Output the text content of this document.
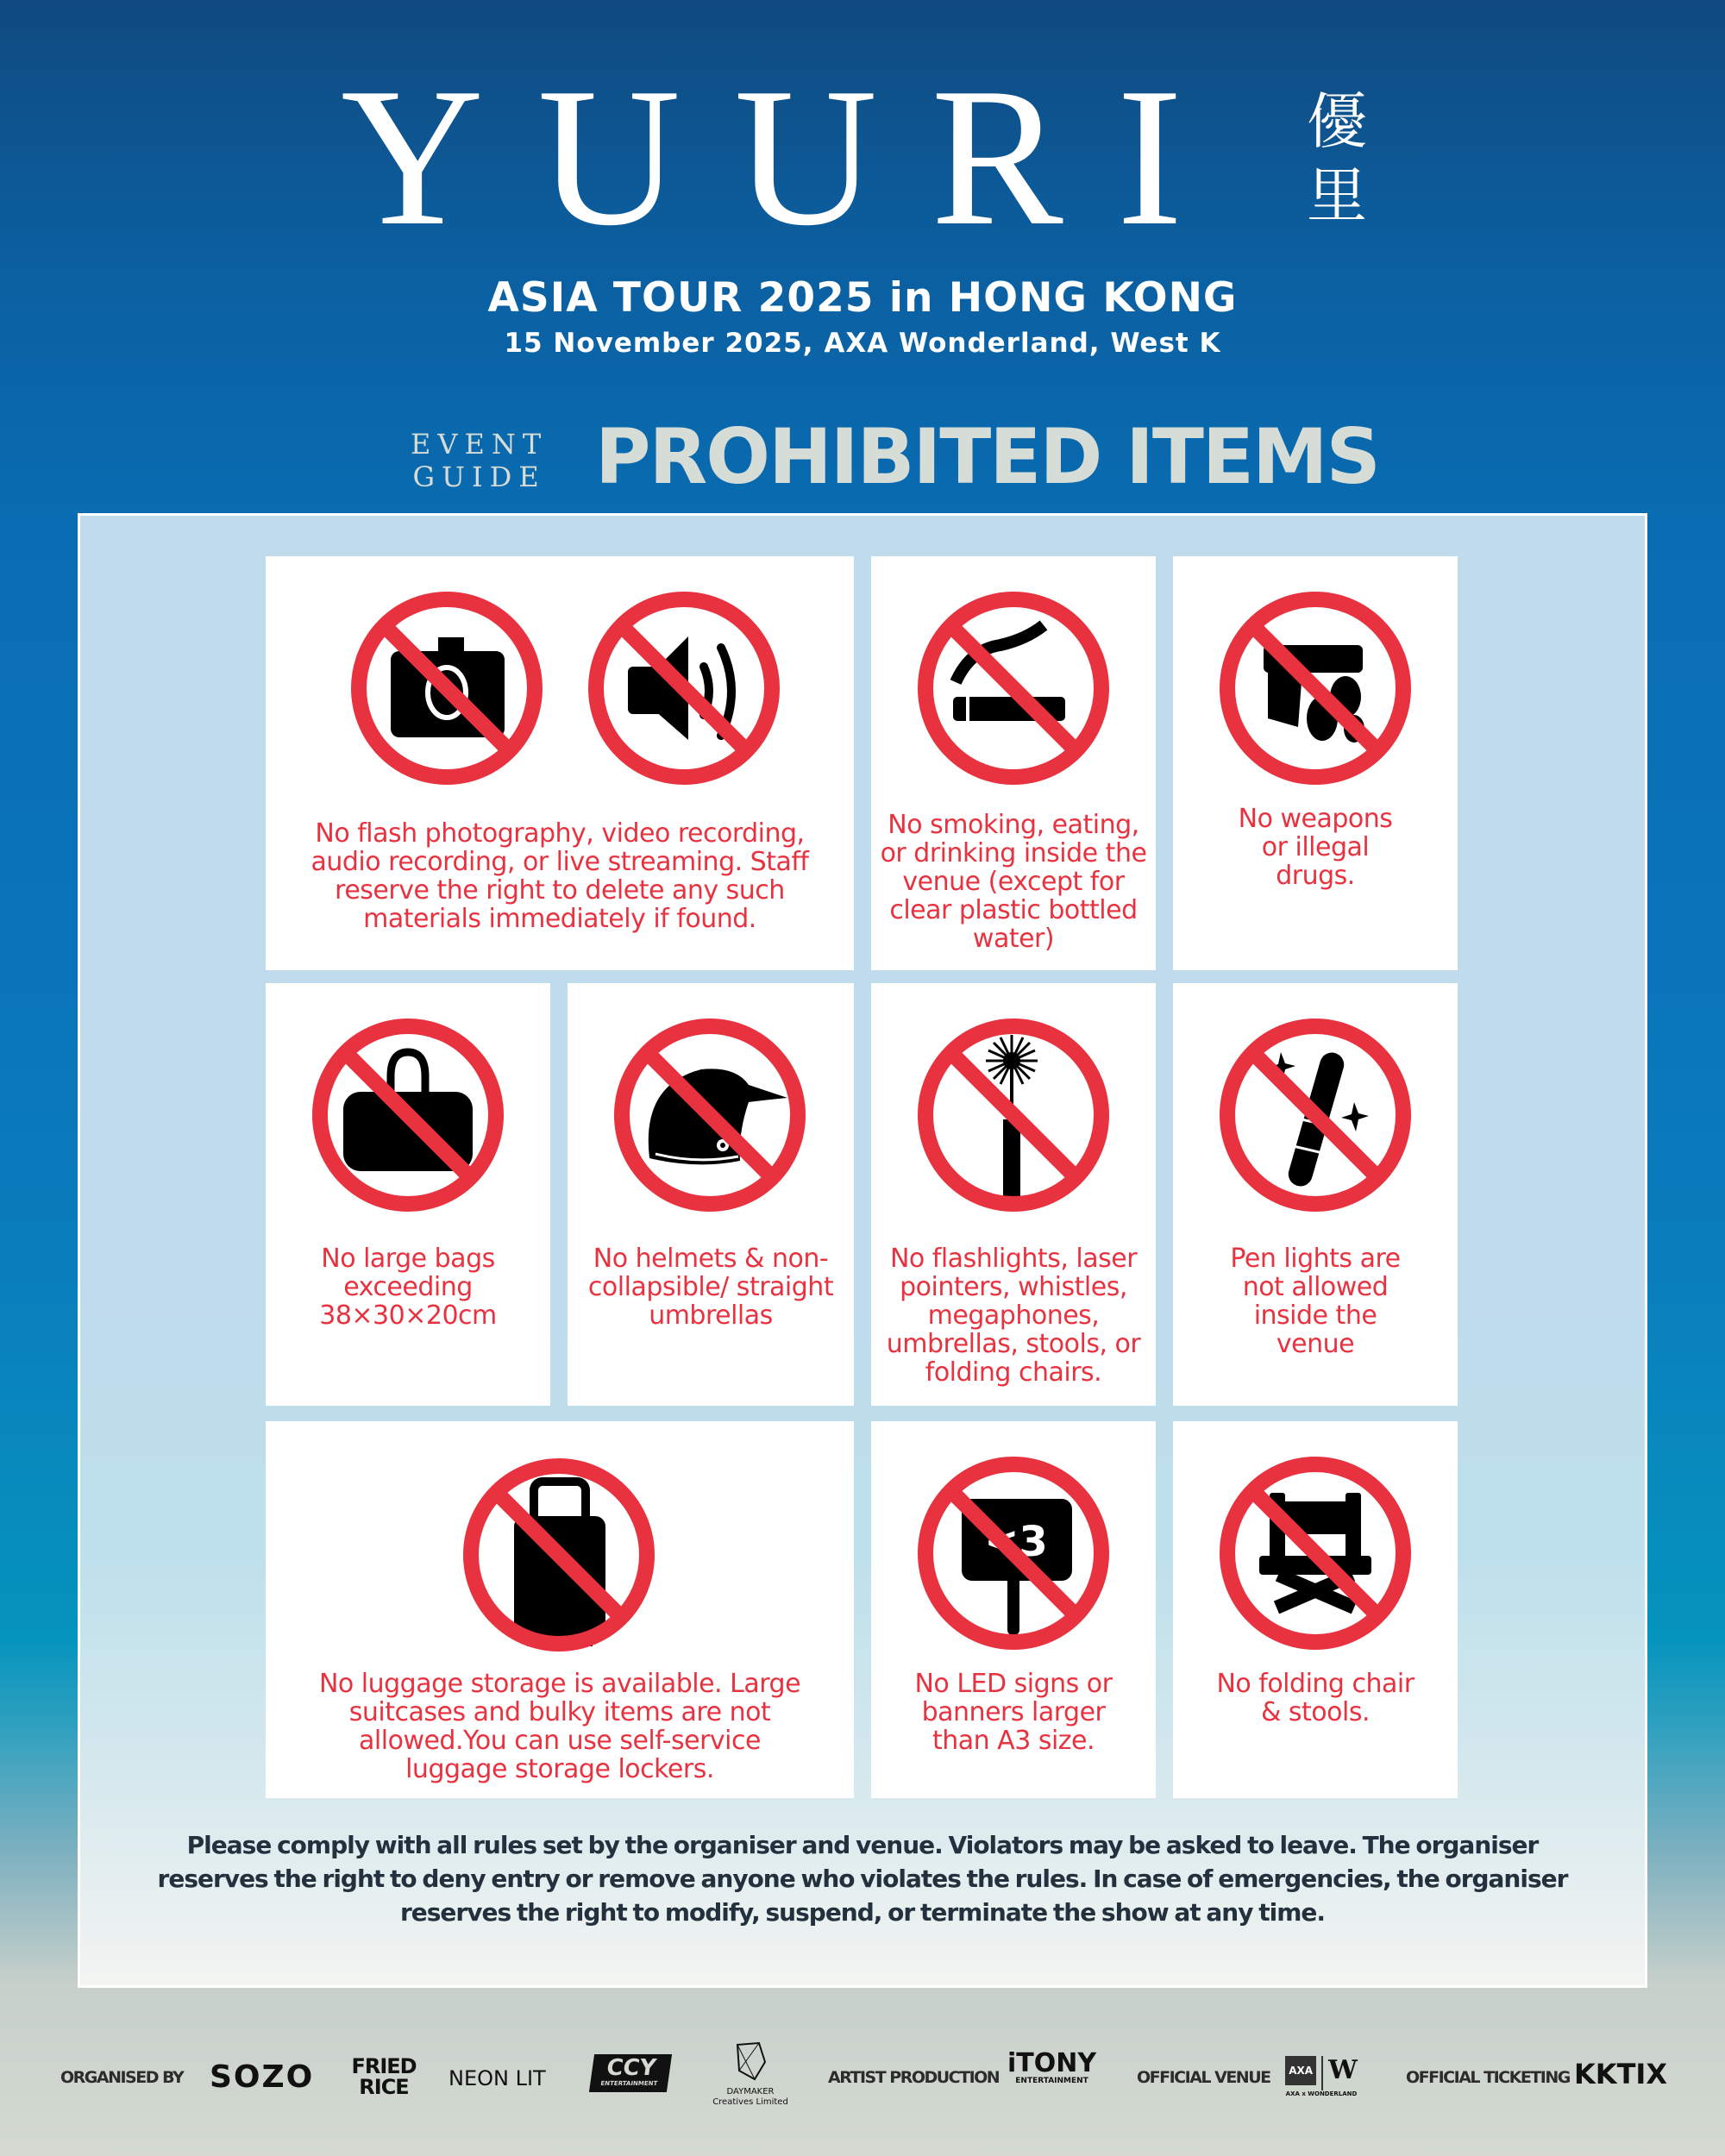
YUURI 優
里
ASIA TOUR 2025 in HONG KONG
15 November 2025, AXA Wonderland, West K
EVENT
GUIDE PROHIBITED ITEMS
No flash photography, video recording, audio recording, or live streaming. Staff reserve the right to delete any such materials immediately if found.
No smoking, eating, or drinking inside the venue (except for clear plastic bottled water)
No weapons or illegal drugs.
No large bags exceeding 38×30×20cm
No helmets & non-collapsible/ straight umbrellas
No flashlights, laser pointers, whistles, megaphones, umbrellas, stools, or folding chairs.
Pen lights are not allowed inside the venue
No luggage storage is available. Large suitcases and bulky items are not allowed.You can use self-service luggage storage lockers.
<3
No LED signs or banners larger than A3 size.
No folding chair & stools.
Please comply with all rules set by the organiser and venue. Violators may be asked to leave. The organiser reserves the right to deny entry or remove anyone who violates the rules. In case of emergencies, the organiser reserves the right to modify, suspend, or terminate the show at any time.
ORGANISED BY SOZO	FRIED RICE	NEON LIT	CCY
ENTERTAINMENT
DAYMAKER Creatives Limited
ARTIST PRODUCTION iTONY
ENTERTAINMENT	OFFICIAL VENUE	AXA W
AXA x WONDERLAND
OFFICIAL TICKETING KKTIX
